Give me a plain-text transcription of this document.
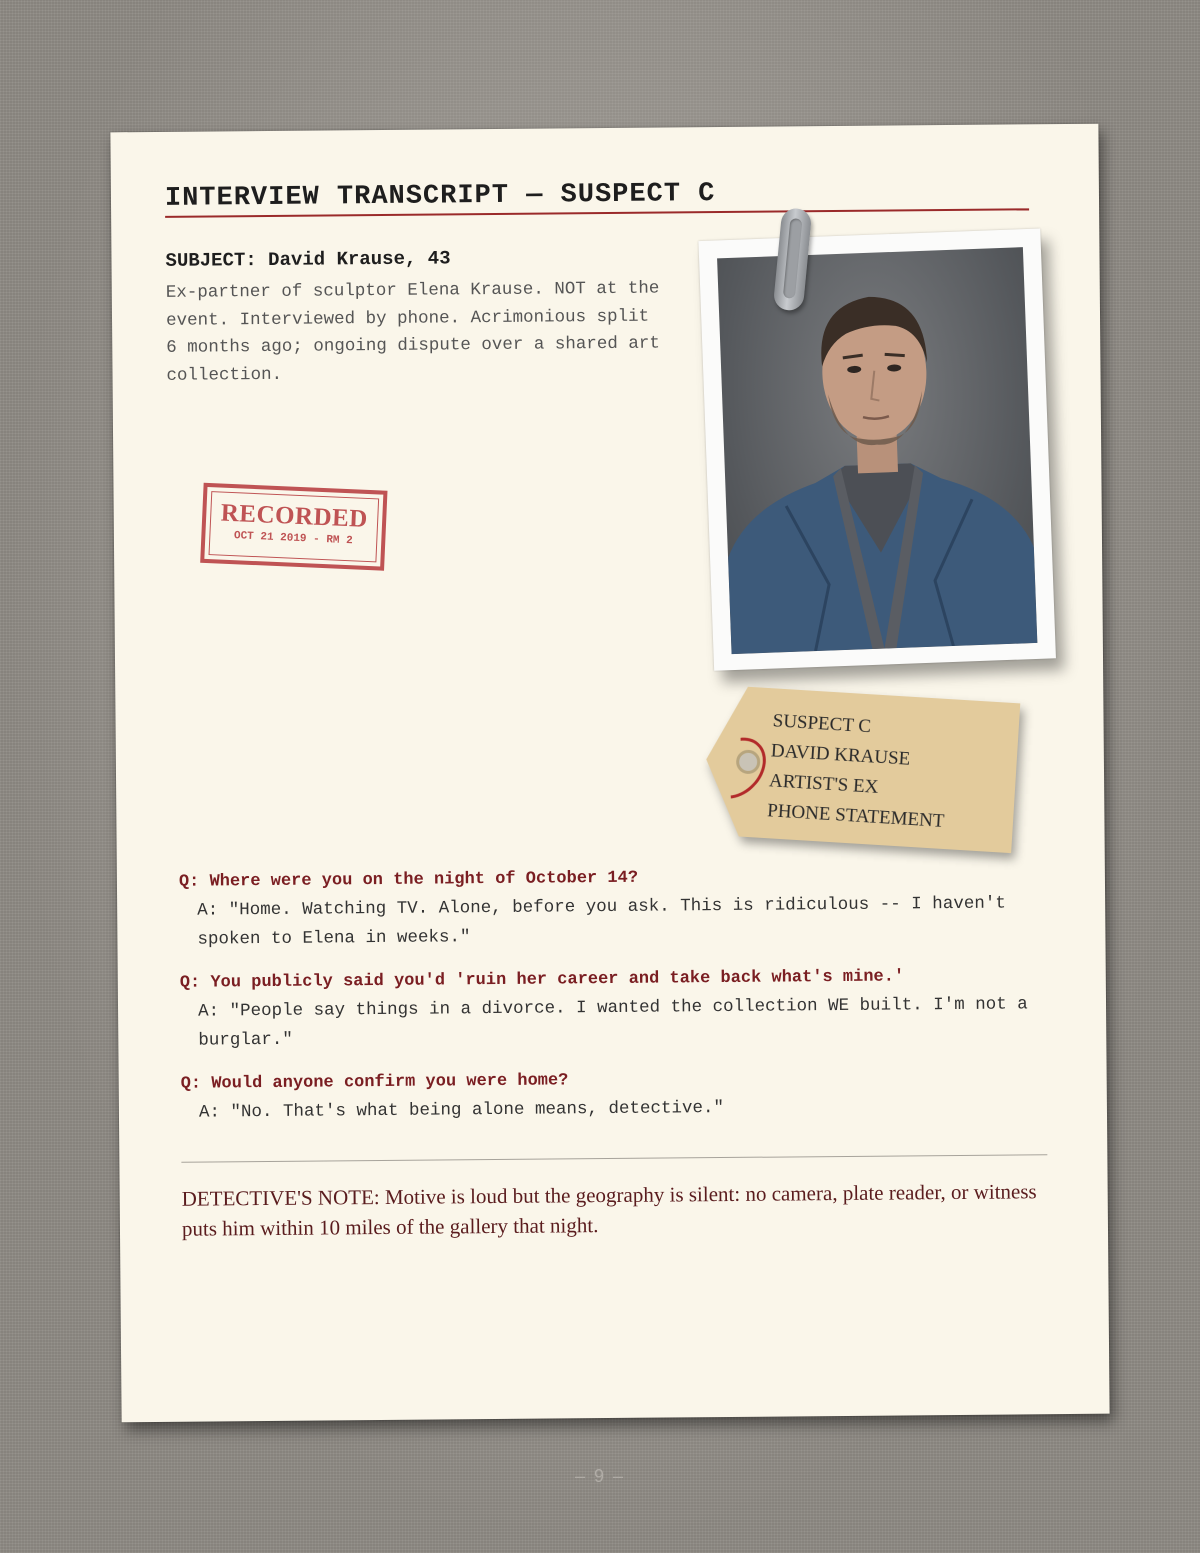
INTERVIEW TRANSCRIPT — SUSPECT C
SUBJECT: David Krause, 43
Ex-partner of sculptor Elena Krause. NOT at the event. Interviewed by phone. Acrimonious split 6 months ago; ongoing dispute over a shared art collection.
RECORDED
OCT 21 2019 - RM 2
SUSPECT C
DAVID KRAUSE
ARTIST'S EX
PHONE STATEMENT

Q: Where were you on the night of October 14?

A: "Home. Watching TV. Alone, before you ask. This is ridiculous -- I haven't spoken to Elena in weeks."

Q: You publicly said you'd 'ruin her career and take back what's mine.'

A: "People say things in a divorce. I wanted the collection WE built. I'm not a burglar."

Q: Would anyone confirm you were home?

A: "No. That's what being alone means, detective."

DETECTIVE'S NOTE: Motive is loud but the geography is silent: no camera, plate reader, or witness puts him within 10 miles of the gallery that night.
– 9 –
